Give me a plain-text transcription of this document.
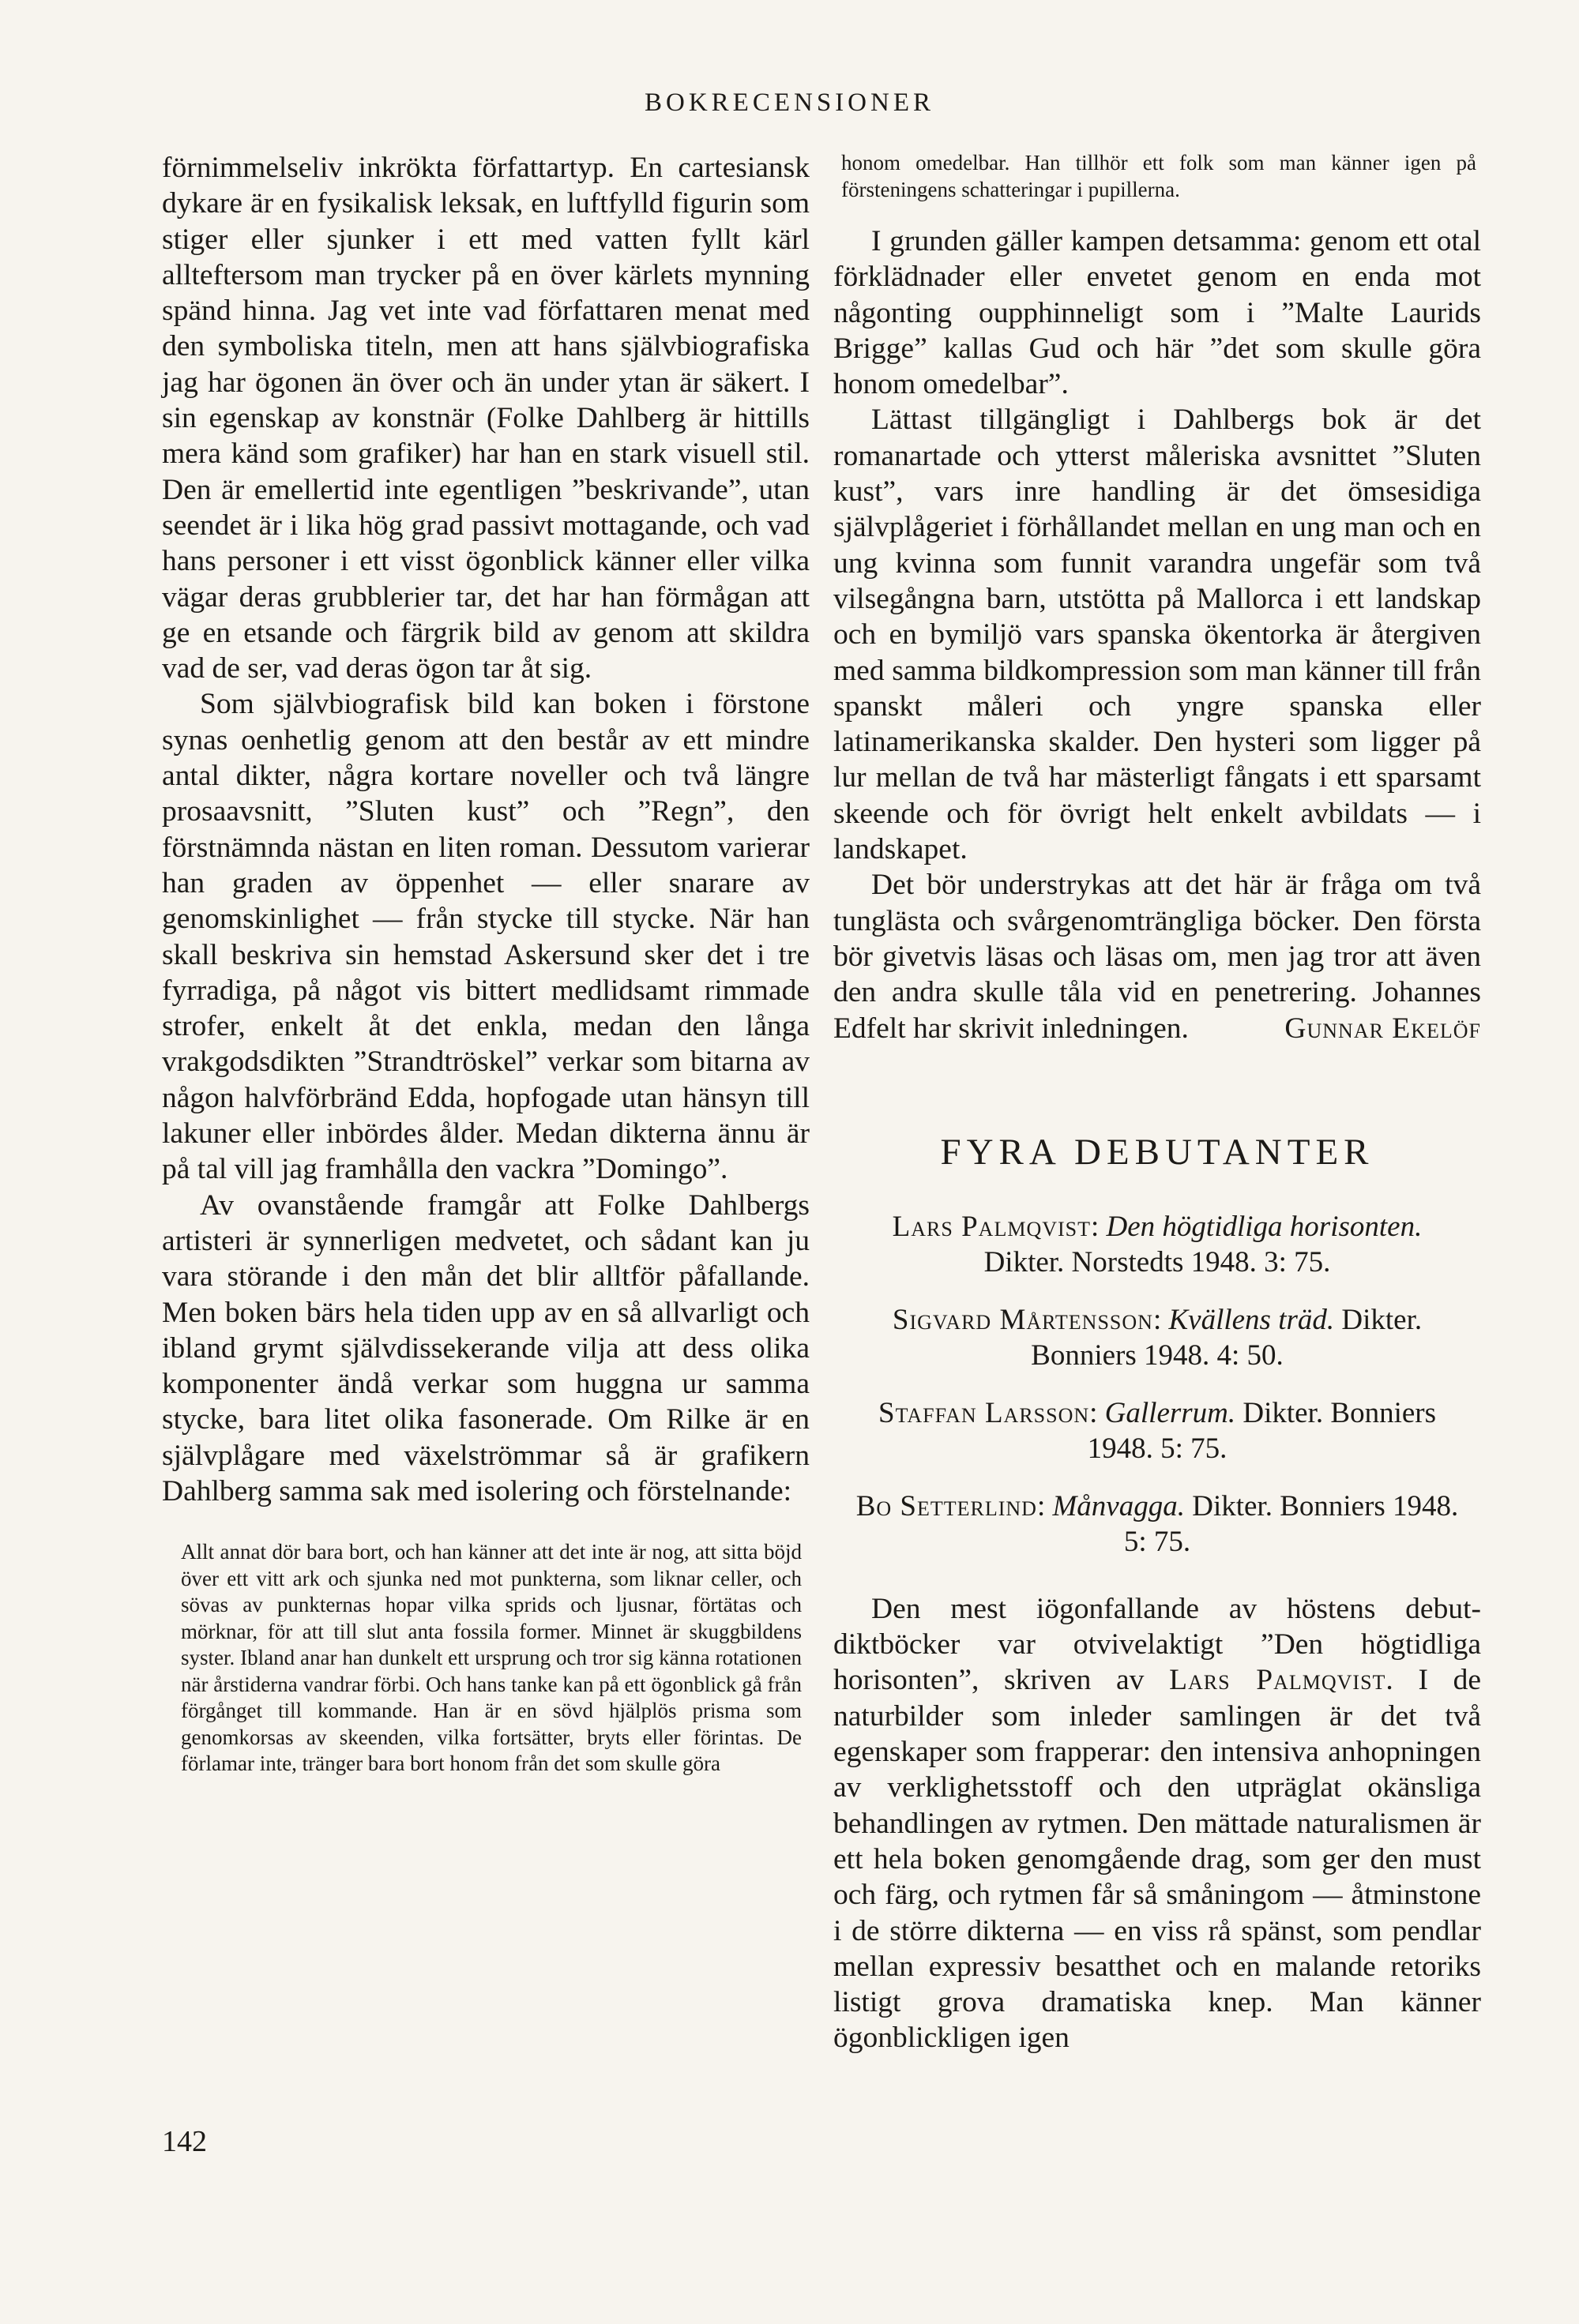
BOKRECENSIONER

förnimmelseliv inkrökta författartyp. En cartesiansk dykare är en fysikalisk leksak, en luftfylld figurin som stiger eller sjunker i ett med vatten fyllt kärl allteftersom man trycker på en över kärlets mynning spänd hinna. Jag vet inte vad författaren menat med den symboliska titeln, men att hans självbiografiska jag har ögonen än över och än under ytan är säkert. I sin egenskap av konstnär (Folke Dahlberg är hittills mera känd som grafiker) har han en stark visuell stil. Den är emellertid inte egentligen ”beskrivande”, utan seendet är i lika hög grad passivt mottagande, och vad hans personer i ett visst ögonblick känner eller vilka vägar deras grubblerier tar, det har han förmågan att ge en etsande och färgrik bild av genom att skildra vad de ser, vad deras ögon tar åt sig.

Som självbiografisk bild kan boken i förstone synas oenhetlig genom att den består av ett mindre antal dikter, några kortare noveller och två längre prosaavsnitt, ”Sluten kust” och ”Regn”, den förstnämnda nästan en liten roman. Dessutom varierar han graden av öppenhet — eller snarare av genomskinlighet — från stycke till stycke. När han skall beskriva sin hemstad Askersund sker det i tre fyrradiga, på något vis bittert medlidsamt rimmade strofer, enkelt åt det enkla, medan den långa vrakgodsdikten ”Strandtröskel” verkar som bitarna av någon halvförbränd Edda, hopfogade utan hänsyn till lakuner eller inbördes ålder. Medan dikterna ännu är på tal vill jag framhålla den vackra ”Domingo”.

Av ovanstående framgår att Folke Dahlbergs artisteri är synnerligen medvetet, och sådant kan ju vara störande i den mån det blir alltför påfallande. Men boken bärs hela tiden upp av en så allvarligt och ibland grymt självdissekerande vilja att dess olika komponenter ändå verkar som huggna ur samma stycke, bara litet olika fasonerade. Om Rilke är en självplågare med växelströmmar så är grafikern Dahlberg samma sak med isolering och förstelnande:

Allt annat dör bara bort, och han känner att det inte är nog, att sitta böjd över ett vitt ark och sjunka ned mot punkterna, som liknar celler, och sövas av punkternas hopar vilka sprids och ljusnar, förtätas och mörknar, för att till slut anta fossila former. Minnet är skuggbildens syster. Ibland anar han dunkelt ett ursprung och tror sig känna rotationen när årstiderna vandrar förbi. Och hans tanke kan på ett ögonblick gå från förgånget till kommande. Han är en sövd hjälplös prisma som genomkorsas av skeenden, vilka fortsätter, bryts eller förintas. De förlamar inte, tränger bara bort honom från det som skulle göra

honom omedelbar. Han tillhör ett folk som man känner igen på försteningens schatteringar i pupillerna.

I grunden gäller kampen detsamma: genom ett otal förklädnader eller envetet genom en enda mot någonting oupphinneligt som i ”Malte Laurids Brigge” kallas Gud och här ”det som skulle göra honom omedelbar”.

Lättast tillgängligt i Dahlbergs bok är det romanartade och ytterst måleriska avsnittet ”Sluten kust”, vars inre handling är det ömsesidiga självplågeriet i förhållandet mellan en ung man och en ung kvinna som funnit varandra ungefär som två vilsegångna barn, utstötta på Mallorca i ett landskap och en bymiljö vars spanska ökentorka är återgiven med samma bildkompression som man känner till från spanskt måleri och yngre spanska eller latinamerikanska skalder. Den hysteri som ligger på lur mellan de två har mästerligt fångats i ett sparsamt skeende och för övrigt helt enkelt avbildats — i landskapet.

Det bör understrykas att det här är fråga om två tunglästa och svårgenomträngliga böcker. Den första bör givetvis läsas och läsas om, men jag tror att även den andra skulle tåla vid en penetrering. Johannes Edfelt har skrivit inledningen.	Gunnar Ekelöf

FYRA DEBUTANTER
Lars Palmqvist: Den högtidliga horisonten. Dikter. Norstedts 1948. 3: 75.
Sigvard Mårtensson: Kvällens träd. Dikter. Bonniers 1948. 4: 50.
Staffan Larsson: Gallerrum. Dikter. Bonniers 1948. 5: 75.
Bo Setterlind: Månvagga. Dikter. Bonniers 1948. 5: 75.

Den mest iögonfallande av höstens debutdiktböcker var otvivelaktigt ”Den högtidliga horisonten”, skriven av Lars Palmqvist. I de naturbilder som inleder samlingen är det två egenskaper som frapperar: den intensiva anhopningen av verklighetsstoff och den utpräglat okänsliga behandlingen av rytmen. Den mättade naturalismen är ett hela boken genomgående drag, som ger den must och färg, och rytmen får så småningom — åtminstone i de större dikterna — en viss rå spänst, som pendlar mellan expressiv besatthet och en malande retoriks listigt grova dramatiska knep. Man känner ögonblickligen igen

142
